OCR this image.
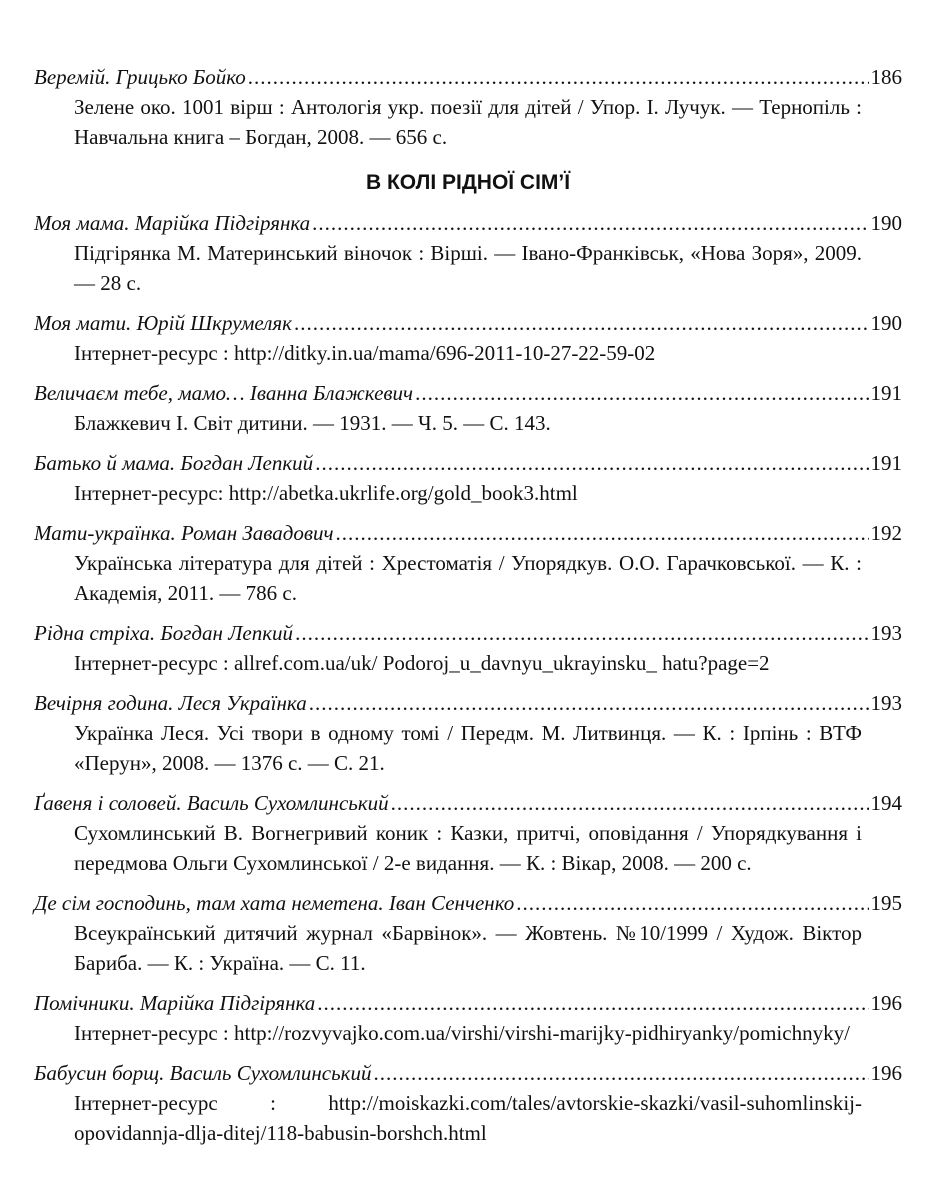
Веремій. Грицько Бойко .....	186
Зелене око. 1001 вірш : Антологія укр. поезії для дітей / Упор. І. Лучук. — Тернопіль : Навчальна книга – Богдан, 2008. — 656 с.
В КОЛІ РІДНОЇ СІМ’Ї
Моя мама. Марійка Підгірянка .....	190
Підгірянка М. Материнський віночок : Вірші. — Івано-Франківськ, «Нова Зоря», 2009. — 28 с.
Моя мати. Юрій Шкрумеляк .....	190
Інтернет-ресурс : http://ditky.in.ua/mama/696-2011-10-27-22-59-02
Величаєм тебе, мамо… Іванна Блажкевич .....	191
Блажкевич І. Світ дитини. — 1931. — Ч. 5. — С. 143.
Батько й мама. Богдан Лепкий .....	191
Інтернет-ресурс: http://abetka.ukrlife.org/gold_book3.html
Мати-українка. Роман Завадович .....	192
Українська література для дітей : Хрестоматія / Упорядкув. О.О. Гарачковської. — К. : Академія, 2011. — 786 с.
Рідна стріха. Богдан Лепкий .....	193
Інтернет-ресурс : allref.com.ua/uk/ Podoroj_u_davnyu_ukrayinsku_ hatu?page=2
Вечірня година. Леся Українка .....	193
Українка Леся. Усі твори в одному томі / Передм. М. Литвинця. — К. : Ірпінь : ВТФ «Перун», 2008. — 1376 с. — С. 21.
Ґавеня і соловей. Василь Сухомлинський .....	194
Сухомлинський В. Вогнегривий коник : Казки, притчі, оповідання / Упорядкування і передмова Ольги Сухомлинської / 2-е видання. — К. : Вікар, 2008. — 200 с.
Де сім господинь, там хата неметена. Іван Сенченко .....	195
Всеукраїнський дитячий журнал «Барвінок». — Жовтень. №10/1999 / Худож. Віктор Бариба. — К. : Україна. — С. 11.
Помічники. Марійка Підгірянка .....	196
Інтернет-ресурс : http://rozvyvajko.com.ua/virshi/virshi-marijky-pidhiryanky/pomichnyky/
Бабусин борщ. Василь Сухомлинський .....	196
Інтернет-ресурс : http://moiskazki.com/tales/avtorskie-skazki/vasil-suhomlinskij-opovidannja-dlja-ditej/118-babusin-borshch.html
